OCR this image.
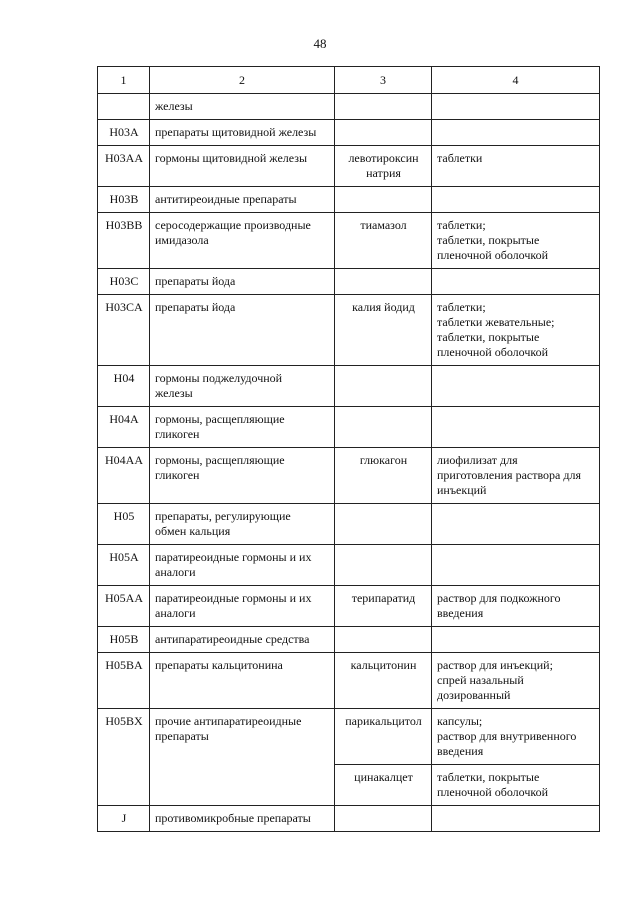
48
1	2	3	4

	железы		

H03A	препараты щитовидной железы		

H03AA	гормоны щитовидной железы	левотироксин
натрия	таблетки

H03B	антитиреоидные препараты		

H03BB	серосодержащие производные
имидазола	тиамазол	таблетки;
таблетки, покрытые
пленочной оболочкой

H03C	препараты йода		

H03CA	препараты йода	калия йодид	таблетки;
таблетки жевательные;
таблетки, покрытые
пленочной оболочкой

H04	гормоны поджелудочной
железы		

H04A	гормоны, расщепляющие
гликоген		

H04AA	гормоны, расщепляющие
гликоген	глюкагон	лиофилизат для
приготовления раствора для
инъекций

H05	препараты, регулирующие
обмен кальция		

H05A	паратиреоидные гормоны и их
аналоги		

H05AA	паратиреоидные гормоны и их
аналоги	терипаратид	раствор для подкожного
введения

H05B	антипаратиреоидные средства		

H05BA	препараты кальцитонина	кальцитонин	раствор для инъекций;
спрей назальный
дозированный

H05BX	прочие антипаратиреоидные
препараты	парикальцитол	капсулы;
раствор для внутривенного
введения

		цинакалцет	таблетки, покрытые
пленочной оболочкой

J	противомикробные препараты		
